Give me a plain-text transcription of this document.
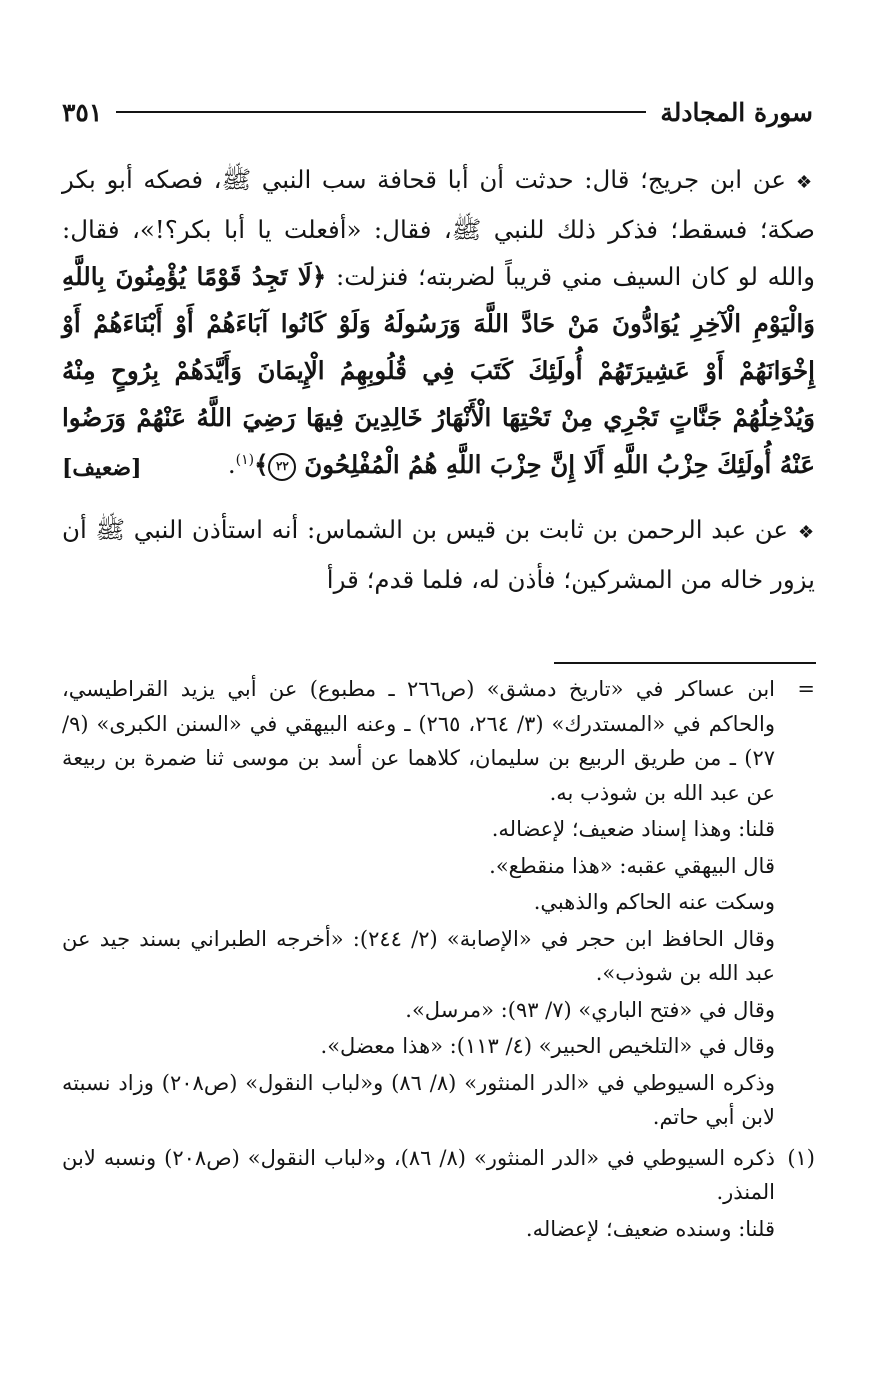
سورة المجادلة
٣٥١

❖عن ابن جريج؛ قال: حدثت أن أبا قحافة سب النبي ﷺ، فصكه أبو بكر صكة؛ فسقط؛ فذكر ذلك للنبي ﷺ، فقال: «أفعلت يا أبا بكر؟!»، فقال: والله لو كان السيف مني قريباً لضربته؛ فنزلت: ﴿لَا تَجِدُ قَوْمًا يُؤْمِنُونَ بِاللَّهِ وَالْيَوْمِ الْآخِرِ يُوَادُّونَ مَنْ حَادَّ اللَّهَ وَرَسُولَهُ وَلَوْ كَانُوا آبَاءَهُمْ أَوْ أَبْنَاءَهُمْ أَوْ إِخْوَانَهُمْ أَوْ عَشِيرَتَهُمْ أُولَئِكَ كَتَبَ فِي قُلُوبِهِمُ الْإِيمَانَ وَأَيَّدَهُمْ بِرُوحٍ مِنْهُ وَيُدْخِلُهُمْ جَنَّاتٍ تَجْرِي مِنْ تَحْتِهَا الْأَنْهَارُ خَالِدِينَ فِيهَا رَضِيَ اللَّهُ عَنْهُمْ وَرَضُوا عَنْهُ أُولَئِكَ حِزْبُ اللَّهِ أَلَا إِنَّ حِزْبَ اللَّهِ هُمُ الْمُفْلِحُونَ ٢٢﴾$^{(١)}$.
[ضعيف]

❖عن عبد الرحمن بن ثابت بن قيس بن الشماس: أنه استأذن النبي ﷺ أن يزور خاله من المشركين؛ فأذن له، فلما قدم؛ قرأ

=

ابن عساكر في «تاريخ دمشق» (ص٢٦٦ ـ مطبوع) عن أبي يزيد القراطيسي، والحاكم في «المستدرك» (٣/ ٢٦٤، ٢٦٥) ـ وعنه البيهقي في «السنن الكبرى» (٩/ ٢٧) ـ من طريق الربيع بن سليمان، كلاهما عن أسد بن موسى ثنا ضمرة بن ربيعة عن عبد الله بن شوذب به.

قلنا: وهذا إسناد ضعيف؛ لإعضاله.

قال البيهقي عقبه: «هذا منقطع».

وسكت عنه الحاكم والذهبي.

وقال الحافظ ابن حجر في «الإصابة» (٢/ ٢٤٤): «أخرجه الطبراني بسند جيد عن عبد الله بن شوذب».

وقال في «فتح الباري» (٧/ ٩٣): «مرسل».

وقال في «التلخيص الحبير» (٤/ ١١٣): «هذا معضل».

وذكره السيوطي في «الدر المنثور» (٨/ ٨٦) و«لباب النقول» (ص٢٠٨) وزاد نسبته لابن أبي حاتم.

(١)

ذكره السيوطي في «الدر المنثور» (٨/ ٨٦)، و«لباب النقول» (ص٢٠٨) ونسبه لابن المنذر.

قلنا: وسنده ضعيف؛ لإعضاله.
